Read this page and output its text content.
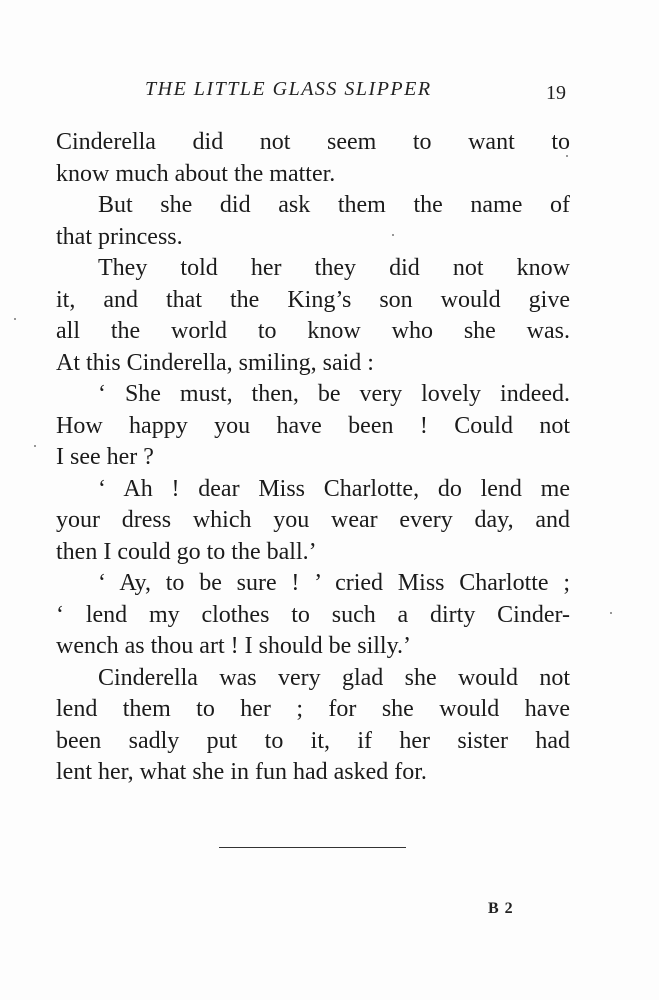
THE LITTLE GLASS SLIPPER	19
Cinderella did not seem to want to
know much about the matter.
But she did ask them the name of
that princess.
They told her they did not know
it, and that the King’s son would give
all the world to know who she was.
At this Cinderella, smiling, said :
‘ She must, then, be very lovely indeed.
How happy you have been ! Could not
I see her ?
‘ Ah ! dear Miss Charlotte, do lend me
your dress which you wear every day, and
then I could go to the ball.’
‘ Ay, to be sure ! ’ cried Miss Charlotte ;
‘ lend my clothes to such a dirty Cinder-
wench as thou art ! I should be silly.’
Cinderella was very glad she would not
lend them to her ; for she would have
been sadly put to it, if her sister had
lent her, what she in fun had asked for.
B 2
